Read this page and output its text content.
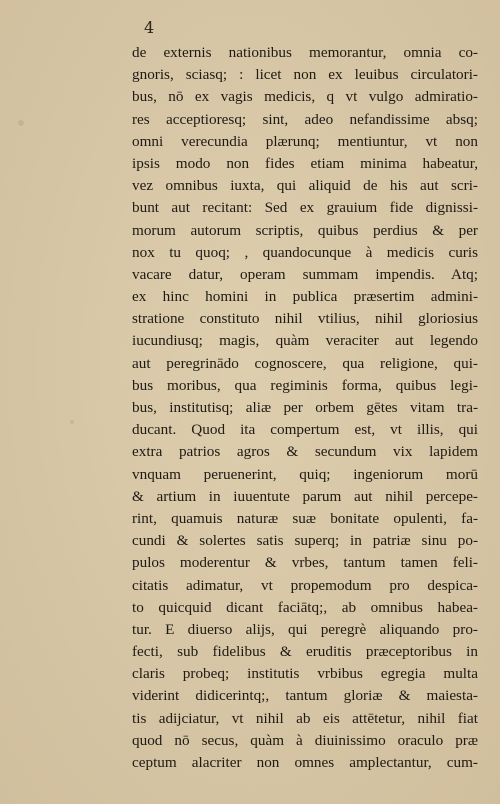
4
de externis nationibus memorantur, omnia co-
gnoris, sciasq; : licet non ex leuibus circulatori-
bus, nō ex vagis medicis, q vt vulgo admiratio-
res acceptioresq; sint, adeo nefandissime absq;
omni verecundia plærunq; mentiuntur, vt non
ipsis modo non fides etiam minima habeatur,
vez omnibus iuxta, qui aliquid de his aut scri-
bunt aut recitant: Sed ex grauium fide dignissi-
morum autorum scriptis, quibus perdius & per
nox tu quoq; , quandocunque à medicis curis
vacare datur, operam summam impendis. Atq;
ex hinc homini in publica præsertim admini-
stratione constituto nihil vtilius, nihil gloriosius
iucundiusq; magis, quàm veraciter aut legendo
aut peregrinādo cognoscere, qua religione, qui-
bus moribus, qua regiminis forma, quibus legi-
bus, institutisq; aliæ per orbem gētes vitam tra-
ducant. Quod ita compertum est, vt illis, qui
extra patrios agros & secundum vix lapidem
vnquam peruenerint, quiq; ingeniorum morū
& artium in iuuentute parum aut nihil percepe-
rint, quamuis naturæ suæ bonitate opulenti, fa-
cundi & solertes satis superq; in patriæ sinu po-
pulos moderentur & vrbes, tantum tamen feli-
citatis adimatur, vt propemodum pro despica-
to quicquid dicant faciātq;, ab omnibus habea-
tur. E diuerso alijs, qui peregrè aliquando pro-
fecti, sub fidelibus & eruditis præceptoribus in
claris probeq; institutis vrbibus egregia multa
viderint didicerintq;, tantum gloriæ & maiesta-
tis adijciatur, vt nihil ab eis attētetur, nihil fiat
quod nō secus, quàm à diuinissimo oraculo præ
ceptum alacriter non omnes amplectantur, cum-
